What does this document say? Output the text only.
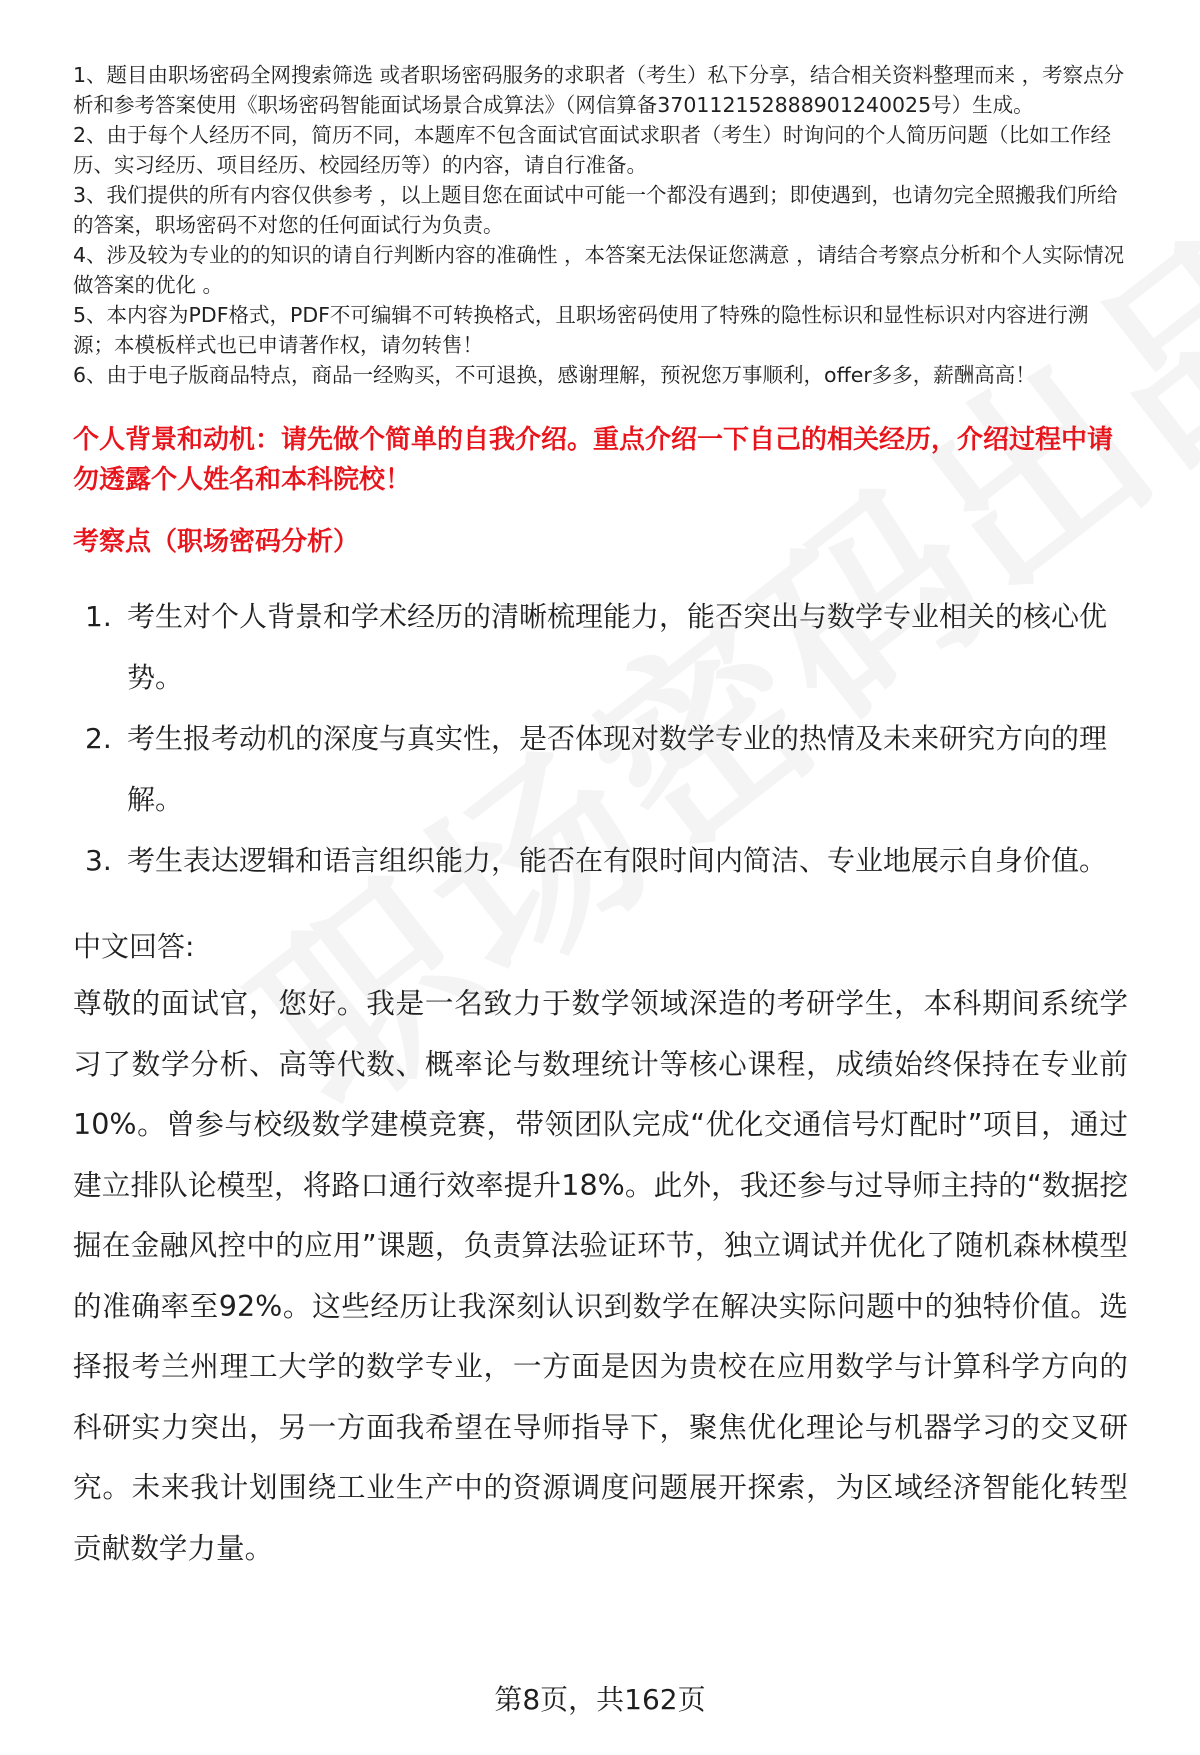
1、题目由职场密码全网搜索筛选 或者职场密码服务的求职者（考生）私下分享，结合相关资料整理而来 ，考察点分析和参考答案使用《职场密码智能面试场景合成算法》（网信算备370112152888901240025号）生成。

2、由于每个人经历不同，简历不同，本题库不包含面试官面试求职者（考生）时询问的个人简历问题（比如工作经历、实习经历、项目经历、校园经历等）的内容，请自行准备。

3、我们提供的所有内容仅供参考 ，以上题目您在面试中可能一个都没有遇到；即使遇到，也请勿完全照搬我们所给的答案，职场密码不对您的任何面试行为负责。

4、涉及较为专业的的知识的请自行判断内容的准确性 ，本答案无法保证您满意 ，请结合考察点分析和个人实际情况做答案的优化 。

5、本内容为PDF格式，PDF不可编辑不可转换格式，且职场密码使用了特殊的隐性标识和显性标识对内容进行溯源；本模板样式也已申请著作权，请勿转售！

6、由于电子版商品特点，商品一经购买，不可退换，感谢理解，预祝您万事顺利，offer多多，薪酬高高！

个人背景和动机：请先做个简单的自我介绍。重点介绍一下自己的相关经历，介绍过程中请勿透露个人姓名和本科院校！
考察点（职场密码分析）
1. 考生对个人背景和学术经历的清晰梳理能力，能否突出与数学专业相关的核心优势。
2. 考生报考动机的深度与真实性，是否体现对数学专业的热情及未来研究方向的理解。
3. 考生表达逻辑和语言组织能力，能否在有限时间内简洁、专业地展示自身价值。
中文回答:
尊敬的面试官，您好。我是一名致力于数学领域深造的考研学生，本科期间系统学习了数学分析、高等代数、概率论与数理统计等核心课程，成绩始终保持在专业前10%。曾参与校级数学建模竞赛，带领团队完成“优化交通信号灯配时”项目，通过建立排队论模型，将路口通行效率提升18%。此外，我还参与过导师主持的“数据挖掘在金融风控中的应用”课题，负责算法验证环节，独立调试并优化了随机森林模型的准确率至92%。这些经历让我深刻认识到数学在解决实际问题中的独特价值。选择报考兰州理工大学的数学专业，一方面是因为贵校在应用数学与计算科学方向的科研实力突出，另一方面我希望在导师指导下，聚焦优化理论与机器学习的交叉研究。未来我计划围绕工业生产中的资源调度问题展开探索，为区域经济智能化转型贡献数学力量。
第8页，共162页
